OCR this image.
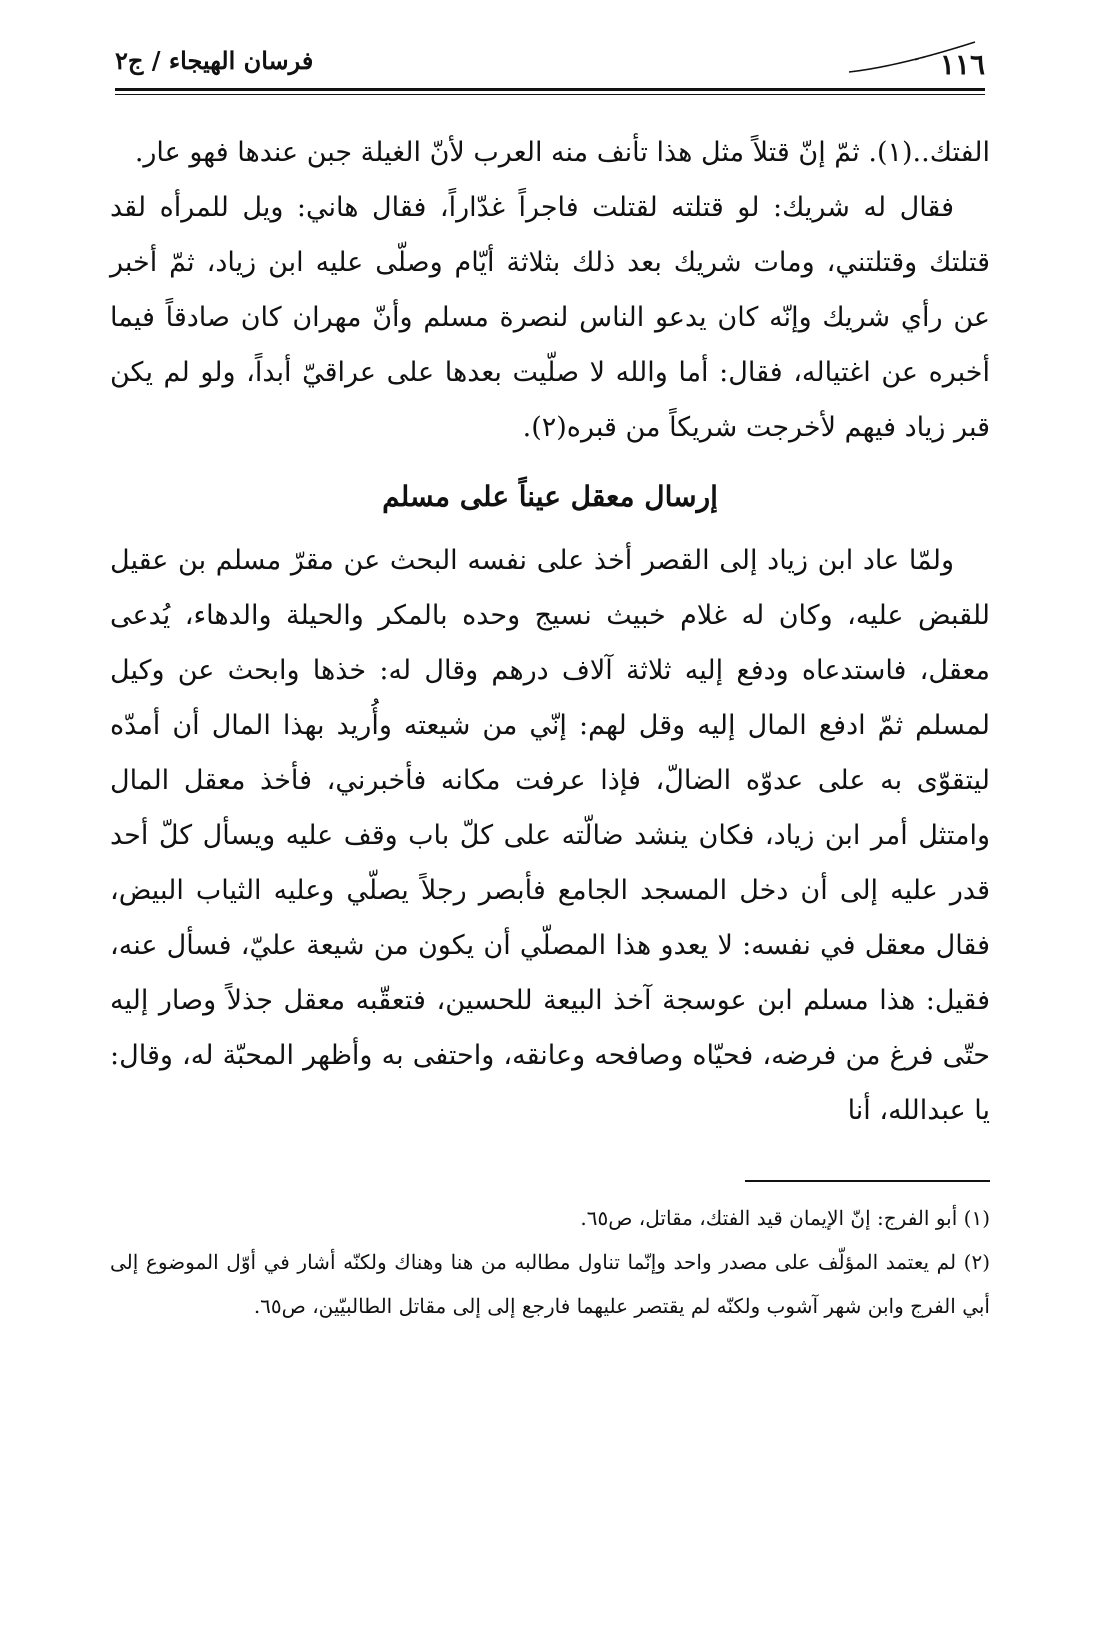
١١٦
فرسان الهيجاء / ج٢

الفتك..(١). ثمّ إنّ قتلاً مثل هذا تأنف منه العرب لأنّ الغيلة جبن عندها فهو عار.

فقال له شريك: لو قتلته لقتلت فاجراً غدّاراً، فقال هاني: ويل للمرأه لقد قتلتك وقتلتني، ومات شريك بعد ذلك بثلاثة أيّام وصلّى عليه ابن زياد، ثمّ أخبر عن رأي شريك وإنّه كان يدعو الناس لنصرة مسلم وأنّ مهران كان صادقاً فيما أخبره عن اغتياله، فقال: أما والله لا صلّيت بعدها على عراقيّ أبداً، ولو لم يكن قبر زياد فيهم لأخرجت شريكاً من قبره(٢).

إرسال معقل عيناً على مسلم

ولمّا عاد ابن زياد إلى القصر أخذ على نفسه البحث عن مقرّ مسلم بن عقيل للقبض عليه، وكان له غلام خبيث نسيج وحده بالمكر والحيلة والدهاء، يُدعى معقل، فاستدعاه ودفع إليه ثلاثة آلاف درهم وقال له: خذها وابحث عن وكيل لمسلم ثمّ ادفع المال إليه وقل لهم: إنّي من شيعته وأُريد بهذا المال أن أمدّه ليتقوّى به على عدوّه الضالّ، فإذا عرفت مكانه فأخبرني، فأخذ معقل المال وامتثل أمر ابن زياد، فكان ينشد ضالّته على كلّ باب وقف عليه ويسأل كلّ أحد قدر عليه إلى أن دخل المسجد الجامع فأبصر رجلاً يصلّي وعليه الثياب البيض، فقال معقل في نفسه: لا يعدو هذا المصلّي أن يكون من شيعة عليّ، فسأل عنه، فقيل: هذا مسلم ابن عوسجة آخذ البيعة للحسين، فتعقّبه معقل جذلاً وصار إليه حتّى فرغ من فرضه، فحيّاه وصافحه وعانقه، واحتفى به وأظهر المحبّة له، وقال: يا عبدالله، أنا

(١) أبو الفرج: إنّ الإيمان قيد الفتك، مقاتل، ص٦٥.

(٢) لم يعتمد المؤلّف على مصدر واحد وإنّما تناول مطالبه من هنا وهناك ولكنّه أشار في أوّل الموضوع إلى أبي الفرج وابن شهر آشوب ولكنّه لم يقتصر عليهما فارجع إلى إلى مقاتل الطالبيّين، ص٦٥.
